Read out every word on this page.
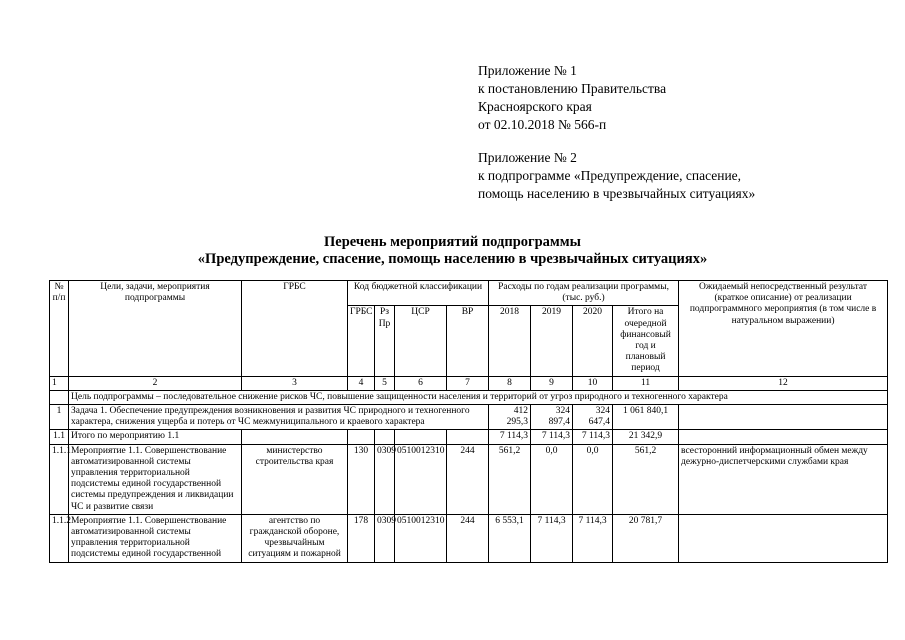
Приложение № 1
к постановлению Правительства
Красноярского края
от 02.10.2018 № 566-п
Приложение № 2
к подпрограмме «Предупреждение, спасение,
помощь населению в чрезвычайных ситуациях»
Перечень мероприятий подпрограммы
«Предупреждение, спасение, помощь населению в чрезвычайных ситуациях»
№ п/п	Цели, задачи, мероприятия подпрограммы	ГРБС	Код бюджетной классификации				Расходы по годам реализации программы, (тыс. руб.)				Ожидаемый непосредственный результат (краткое описание) от реализации подпрограммного мероприятия (в том числе в натуральном выражении)
			ГРБС	Рз Пр	ЦСР	ВР	2018	2019	2020	Итого на очередной финансовый год и плановый период	
1	2	3	4	5	6	7	8	9	10	11	12
	Цель подпрограммы – последовательное снижение рисков ЧС, повышение защищенности населения и территорий от угроз природного и техногенного характера										
1	Задача 1. Обеспечение предупреждения возникновения и развития ЧС природного и техногенного характера, снижения ущерба и потерь от ЧС межмуниципального и краевого характера						412 295,3	324 897,4	324 647,4	1 061 840,1	
1.1	Итого по мероприятию 1.1						7 114,3	7 114,3	7 114,3	21 342,9	
1.1.1	Мероприятие 1.1. Совершенствование автоматизированной системы управления территориальной подсистемы единой государственной системы предупреждения и ликвидации ЧС и развитие связи	министерство строительства края	130	0309	0510012310	244	561,2	0,0	0,0	561,2	всесторонний информационный обмен между дежурно-диспетчерскими службами края
1.1.2	Мероприятие 1.1. Совершенствование автоматизированной системы управления территориальной подсистемы единой государственной	агентство по гражданской обороне, чрезвычайным ситуациям и пожарной	178	0309	0510012310	244	6 553,1	7 114,3	7 114,3	20 781,7	
